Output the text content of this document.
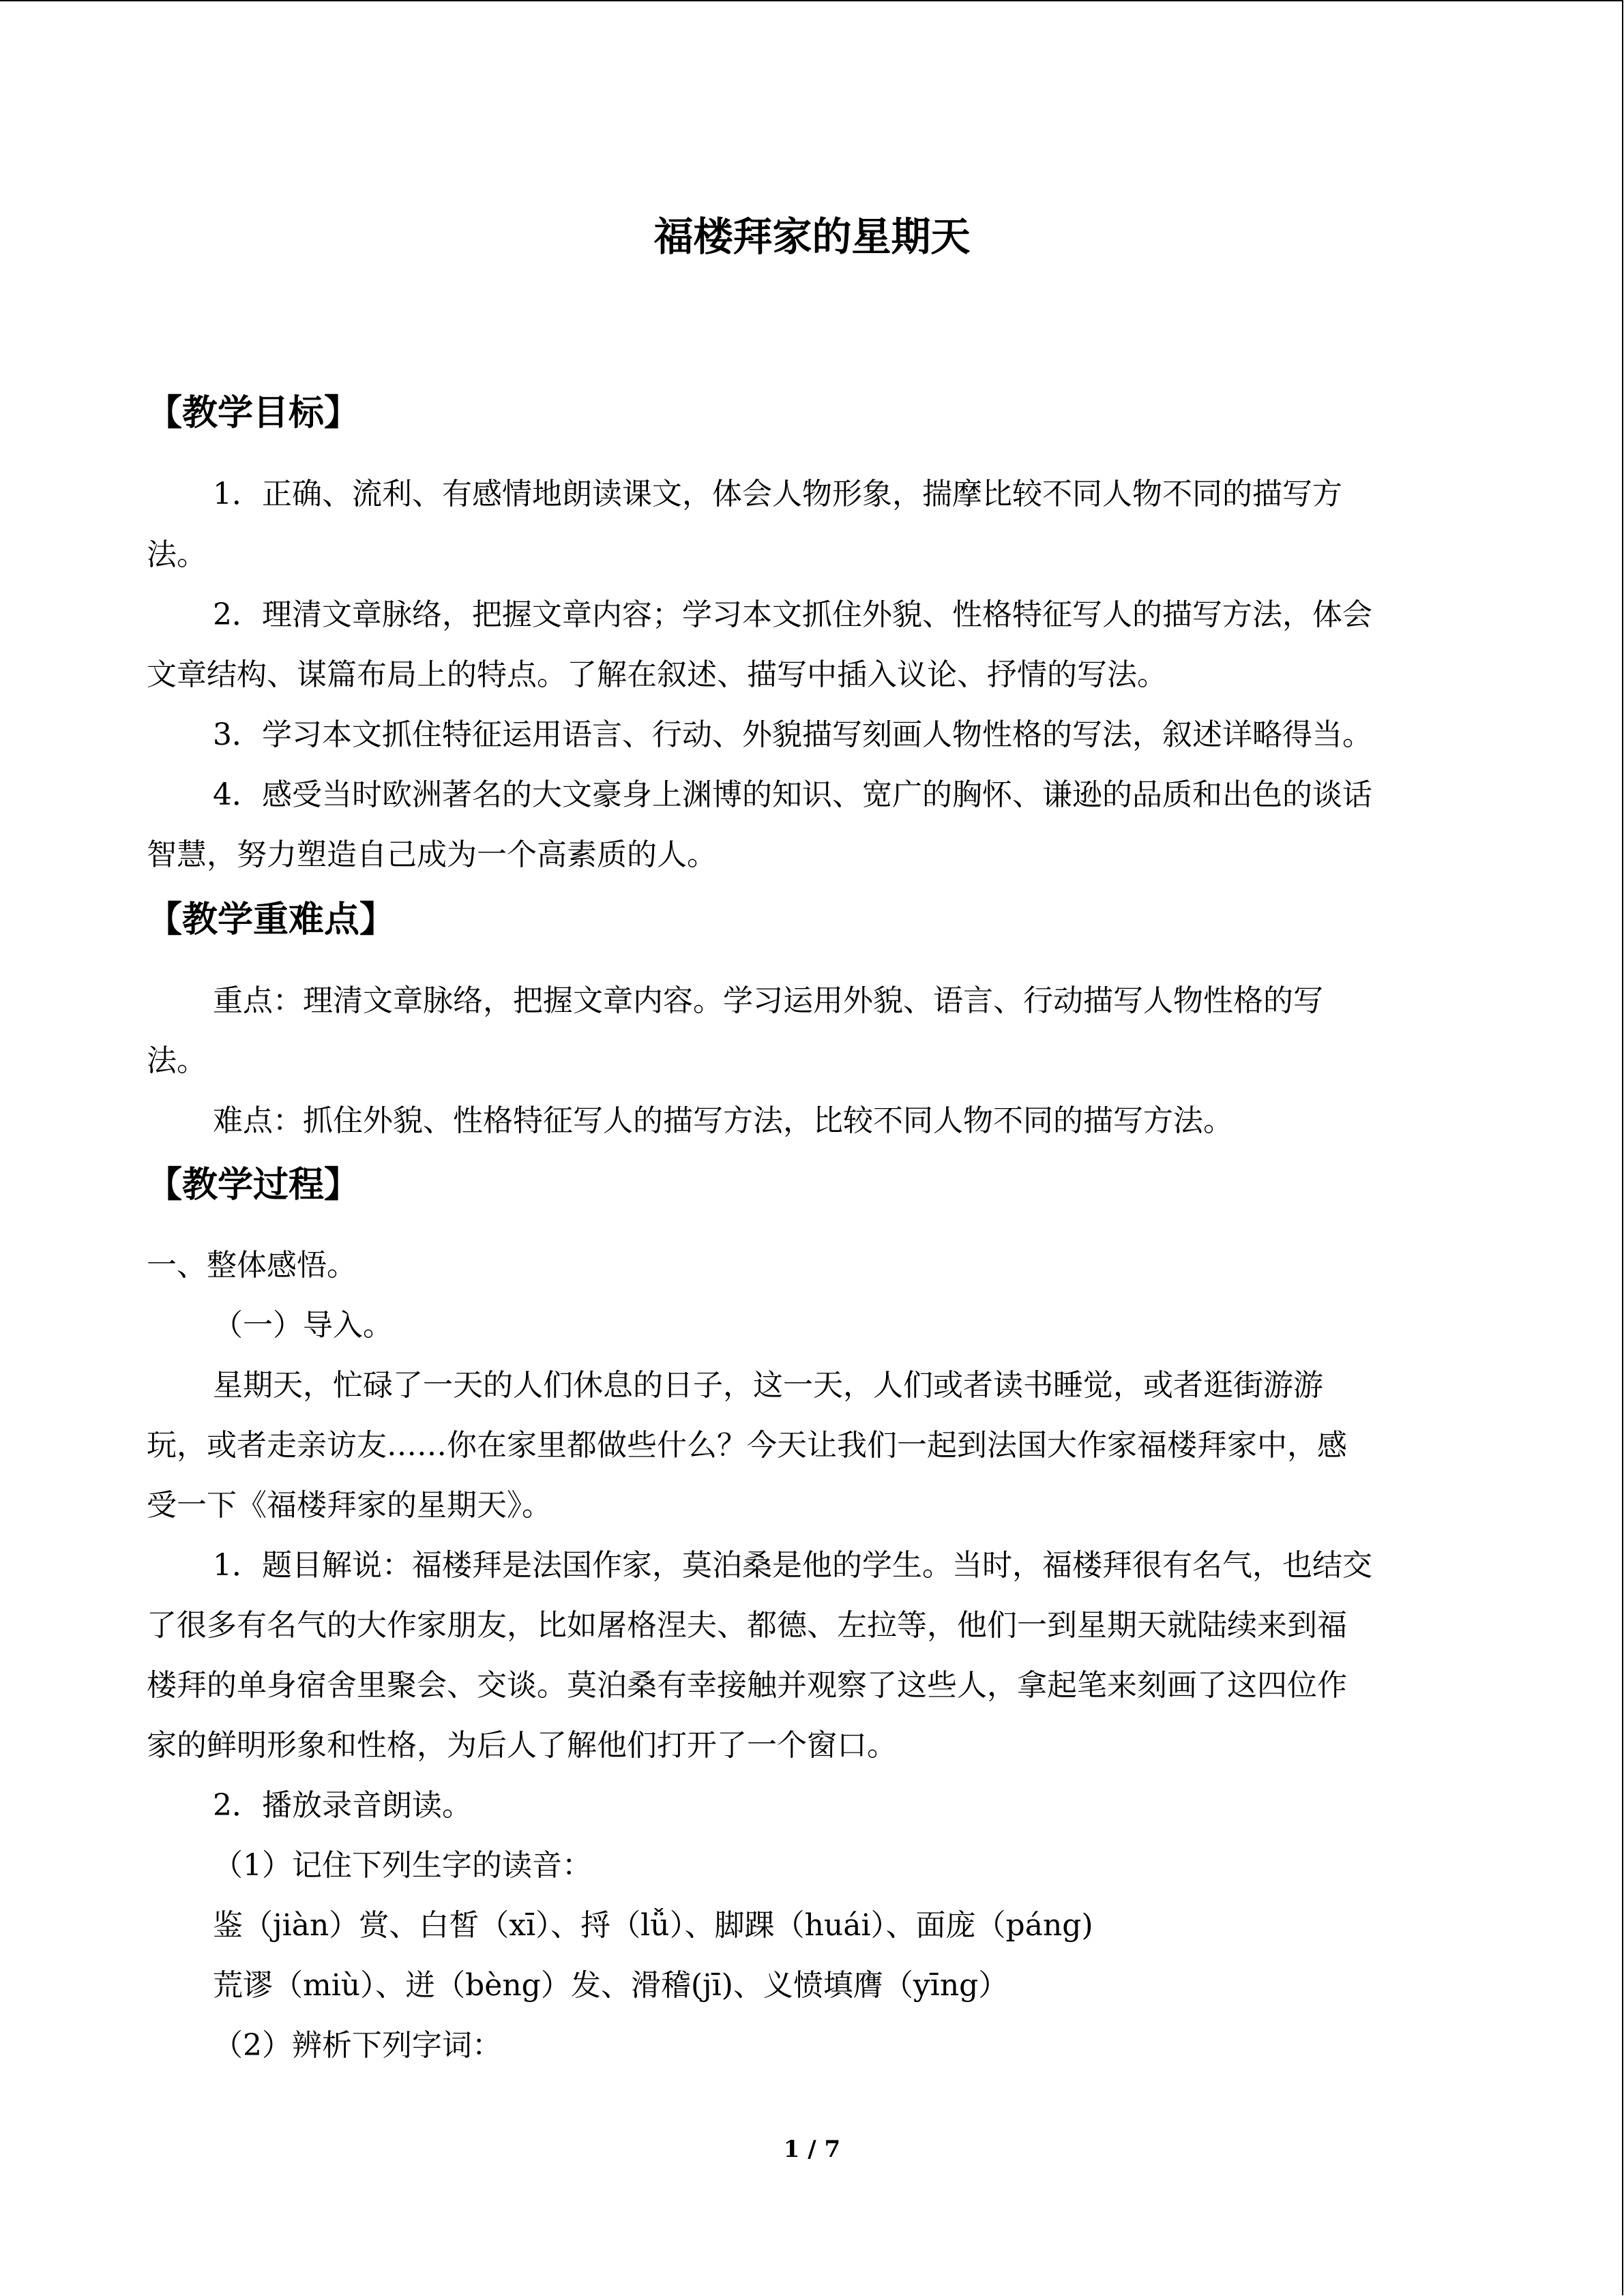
福楼拜家的星期天
【教学目标】
1．正确、流利、有感情地朗读课文，体会人物形象，揣摩比较不同人物不同的描写方
法。
2．理清文章脉络，把握文章内容；学习本文抓住外貌、性格特征写人的描写方法，体会
文章结构、谋篇布局上的特点。了解在叙述、描写中插入议论、抒情的写法。
3．学习本文抓住特征运用语言、行动、外貌描写刻画人物性格的写法，叙述详略得当。
4．感受当时欧洲著名的大文豪身上渊博的知识、宽广的胸怀、谦逊的品质和出色的谈话
智慧，努力塑造自己成为一个高素质的人。
【教学重难点】
重点：理清文章脉络，把握文章内容。学习运用外貌、语言、行动描写人物性格的写
法。
难点：抓住外貌、性格特征写人的描写方法，比较不同人物不同的描写方法。
【教学过程】
一、整体感悟。
（一）导入。
星期天，忙碌了一天的人们休息的日子，这一天，人们或者读书睡觉，或者逛街游游
玩，或者走亲访友……你在家里都做些什么？今天让我们一起到法国大作家福楼拜家中，感
受一下《福楼拜家的星期天》。
1．题目解说：福楼拜是法国作家，莫泊桑是他的学生。当时，福楼拜很有名气，也结交
了很多有名气的大作家朋友，比如屠格涅夫、都德、左拉等，他们一到星期天就陆续来到福
楼拜的单身宿舍里聚会、交谈。莫泊桑有幸接触并观察了这些人，拿起笔来刻画了这四位作
家的鲜明形象和性格，为后人了解他们打开了一个窗口。
2．播放录音朗读。
（1）记住下列生字的读音：
鉴（jiàn）赏、白皙（xī）、捋（lǚ）、脚踝（huái）、面庞（páng)
荒谬（miù）、迸（bèng）发、滑稽(jī)、义愤填膺（yīng）
（2）辨析下列字词：
1 / 7
